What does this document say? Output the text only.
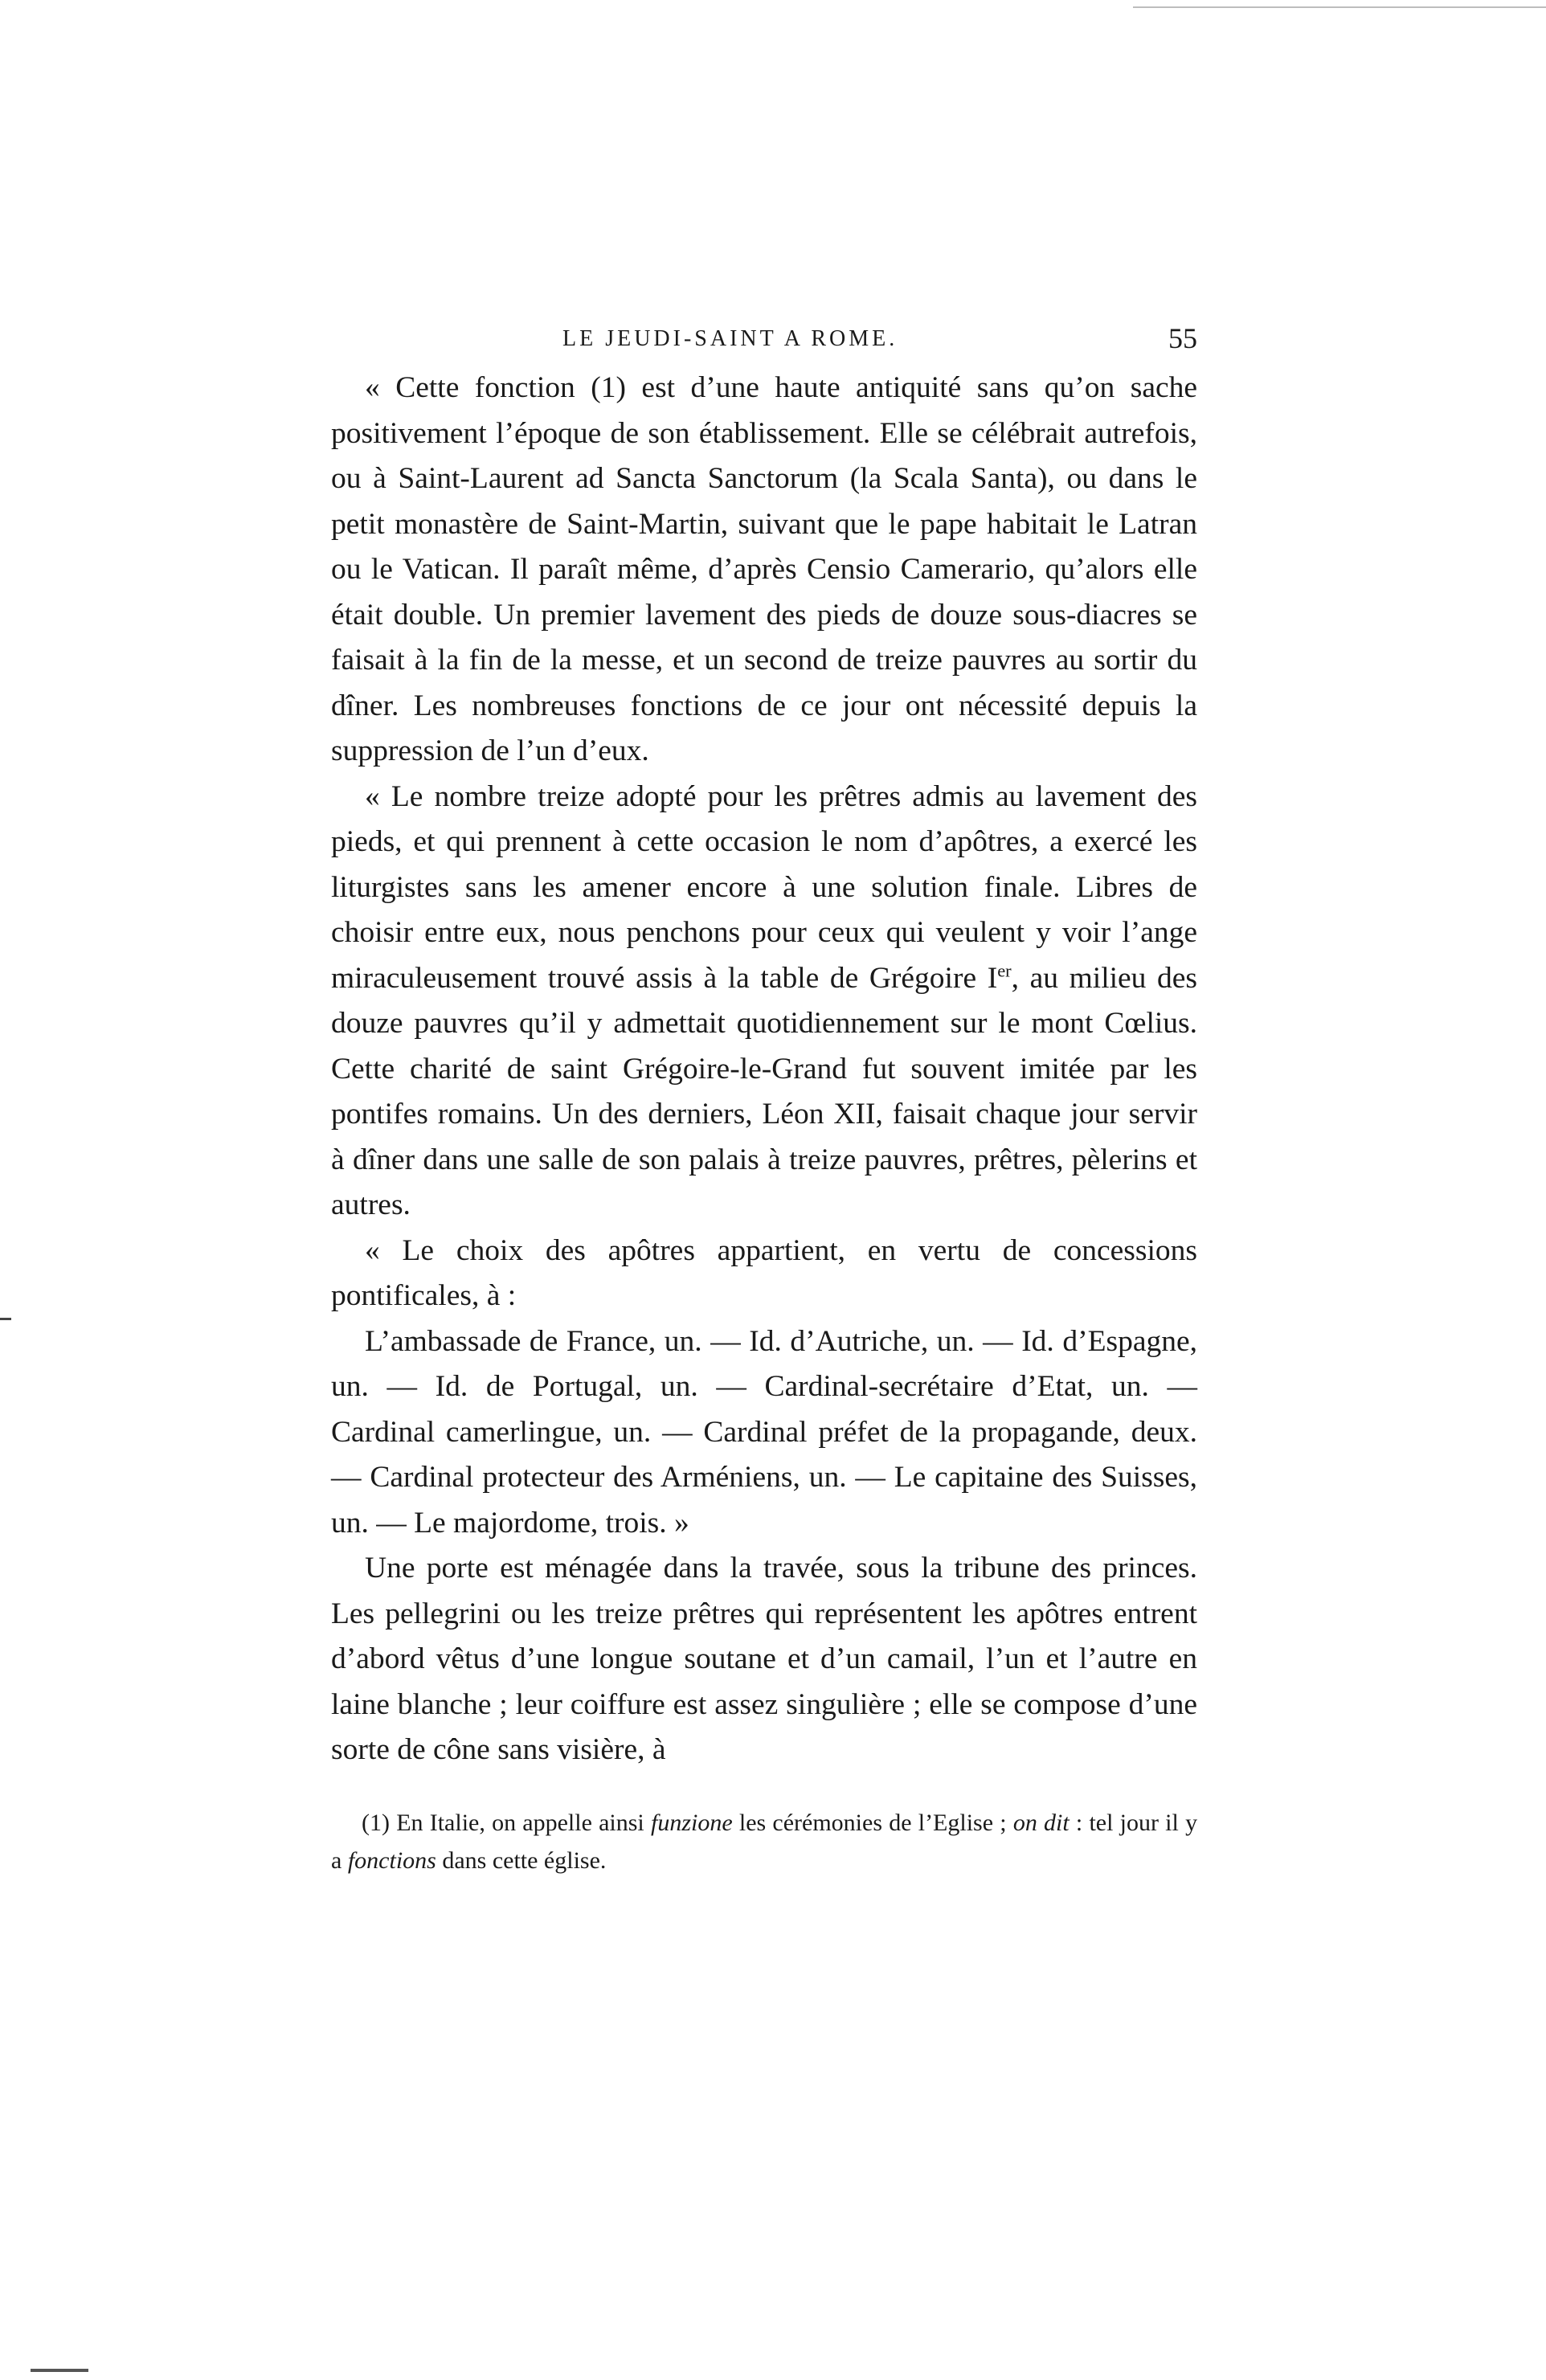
LE JEUDI-SAINT A ROME.	55

« Cette fonction (1) est d’une haute antiquité sans qu’on sache positivement l’époque de son établissement. Elle se célébrait autrefois, ou à Saint-Laurent ad Sancta Sanctorum (la Scala Santa), ou dans le petit monastère de Saint-Martin, suivant que le pape habitait le Latran ou le Vatican. Il paraît même, d’après Censio Camerario, qu’alors elle était double. Un premier lavement des pieds de douze sous-diacres se faisait à la fin de la messe, et un second de treize pauvres au sortir du dîner. Les nombreuses fonctions de ce jour ont nécessité depuis la suppression de l’un d’eux.

« Le nombre treize adopté pour les prêtres admis au lavement des pieds, et qui prennent à cette occasion le nom d’apôtres, a exercé les liturgistes sans les amener encore à une solution finale. Libres de choisir entre eux, nous penchons pour ceux qui veulent y voir l’ange miraculeusement trouvé assis à la table de Grégoire Ier, au milieu des douze pauvres qu’il y admettait quotidiennement sur le mont Cœlius. Cette charité de saint Grégoire-le-Grand fut souvent imitée par les pontifes romains. Un des derniers, Léon XII, faisait chaque jour servir à dîner dans une salle de son palais à treize pauvres, prêtres, pèlerins et autres.

« Le choix des apôtres appartient, en vertu de concessions pontificales, à :

L’ambassade de France, un. — Id. d’Autriche, un. — Id. d’Espagne, un. — Id. de Portugal, un. — Cardinal-secrétaire d’Etat, un. — Cardinal camerlingue, un. — Cardinal préfet de la propagande, deux. — Cardinal protecteur des Arméniens, un. — Le capitaine des Suisses, un. — Le majordome, trois. »

Une porte est ménagée dans la travée, sous la tribune des princes. Les pellegrini ou les treize prêtres qui représentent les apôtres entrent d’abord vêtus d’une longue soutane et d’un camail, l’un et l’autre en laine blanche ; leur coiffure est assez singulière ; elle se compose d’une sorte de cône sans visière, à

(1) En Italie, on appelle ainsi funzione les cérémonies de l’Eglise ; on dit : tel jour il y a fonctions dans cette église.
